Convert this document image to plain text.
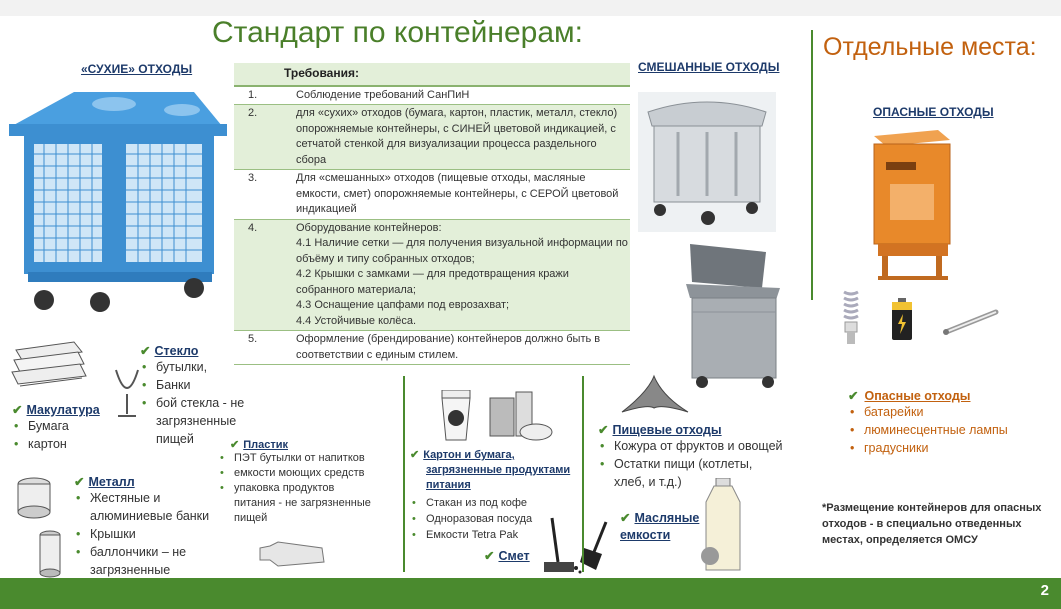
Стандарт по контейнерам:	Отдельные места:
«СУХИЕ» ОТХОДЫ	СМЕШАННЫЕ ОТХОДЫ
ОПАСНЫЕ ОТХОДЫ
Требования:	
1.	Соблюдение требований СанПиН
2.	для «сухих» отходов (бумага, картон, пластик, металл, стекло) опорожняемые контейнеры, с СИНЕЙ цветовой индикацией, с сетчатой стенкой для визуализации процесса раздельного сбора
3.	Для «смешанных» отходов (пищевые отходы, масляные емкости, смет) опорожняемые контейнеры, с СЕРОЙ цветовой индикацией
4.	Оборудование контейнеров:
4.1 Наличие сетки — для получения визуальной информации по объёму и типу собранных отходов;
4.2 Крышки с замками — для предотвращения кражи собранного материала;
4.3 Оснащение цапфами под еврозахват;
4.4 Устойчивые колёса.

5.	Оформление (брендирование) контейнеров должно быть в соответствии с единым стилем.
✔ Макулатура
• Бумага
• картон
✔ Стекло
• бутылки,
• Банки
• бой стекла - не
загрязненные
пищей
✔ Металл
• Жестяные и
алюминиевые банки
• Крышки
• баллончики – не
загрязненные
✔ Пластик
• ПЭТ бутылки от напитков
• емкости моющих средств
• упаковка продуктов
питания - не загрязненные
пищей
✔ Картон и бумага,
загрязненные продуктами
питания
• Стакан из под кофе
• Одноразовая посуда
• Емкости Tetra Pak
✔ Смет
✔ Пищевые отходы
• Кожура от фруктов и овощей
• Остатки пищи (котлеты,
хлеб, и т.д.)
✔ Масляные
емкости
✔ Опасные отходы
• батарейки
• люминесцентные лампы
• градусники
*Размещение контейнеров для опасных
отходов - в специально отведенных
местах, определяется ОМСУ
2
